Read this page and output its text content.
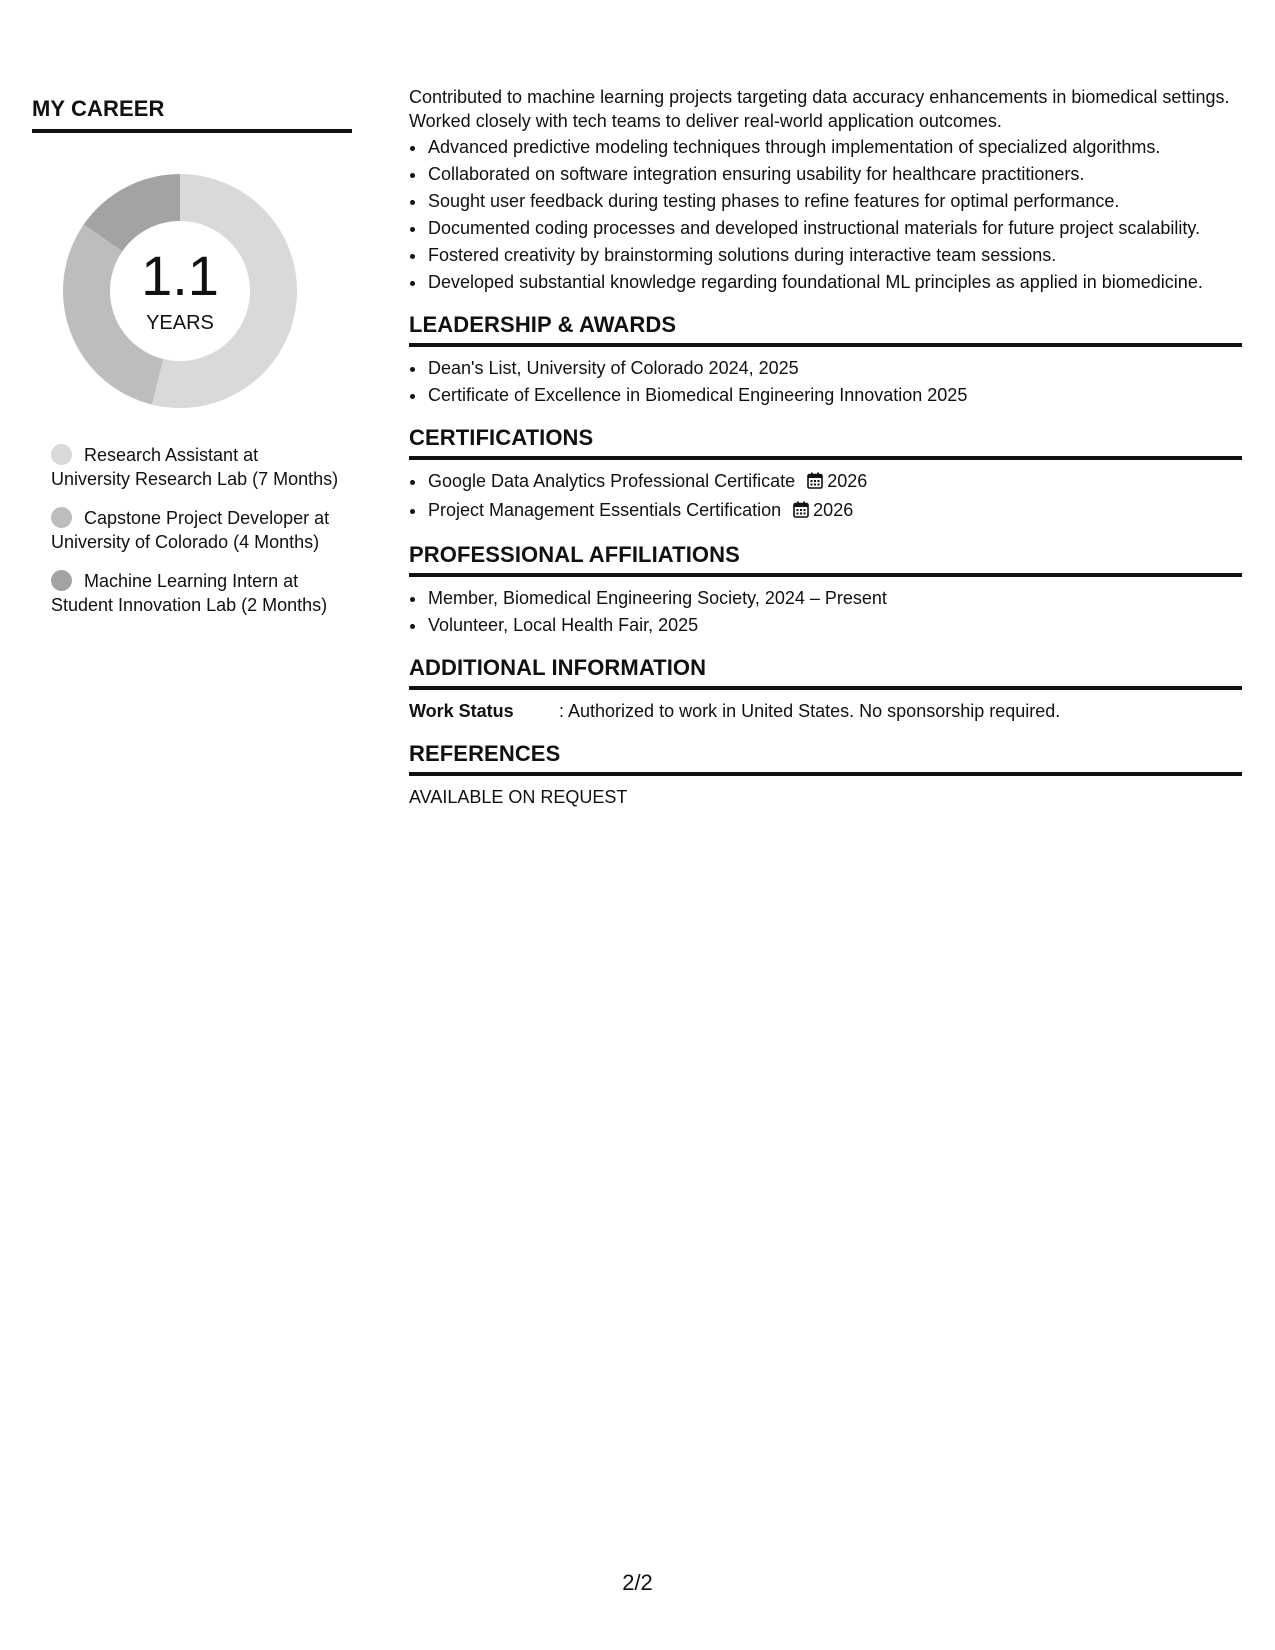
MY CAREER
1.1
YEARS
Research Assistant at University Research Lab (7 Months)
Capstone Project Developer at University of Colorado (4 Months)
Machine Learning Intern at Student Innovation Lab (2 Months)

Contributed to machine learning projects targeting data accuracy enhancements in biomedical settings. Worked closely with tech teams to deliver real-world application outcomes.

• Advanced predictive modeling techniques through implementation of specialized algorithms.
• Collaborated on software integration ensuring usability for healthcare practitioners.
• Sought user feedback during testing phases to refine features for optimal performance.
• Documented coding processes and developed instructional materials for future project scalability.
• Fostered creativity by brainstorming solutions during interactive team sessions.
• Developed substantial knowledge regarding foundational ML principles as applied in biomedicine.
LEADERSHIP & AWARDS
• Dean's List, University of Colorado 2024, 2025
• Certificate of Excellence in Biomedical Engineering Innovation 2025
CERTIFICATIONS
• Google Data Analytics Professional Certificate 2026
• Project Management Essentials Certification 2026
PROFESSIONAL AFFILIATIONS
• Member, Biomedical Engineering Society, 2024 – Present
• Volunteer, Local Health Fair, 2025
ADDITIONAL INFORMATION
Work Status	: Authorized to work in United States. No sponsorship required.
REFERENCES

AVAILABLE ON REQUEST

2/2
